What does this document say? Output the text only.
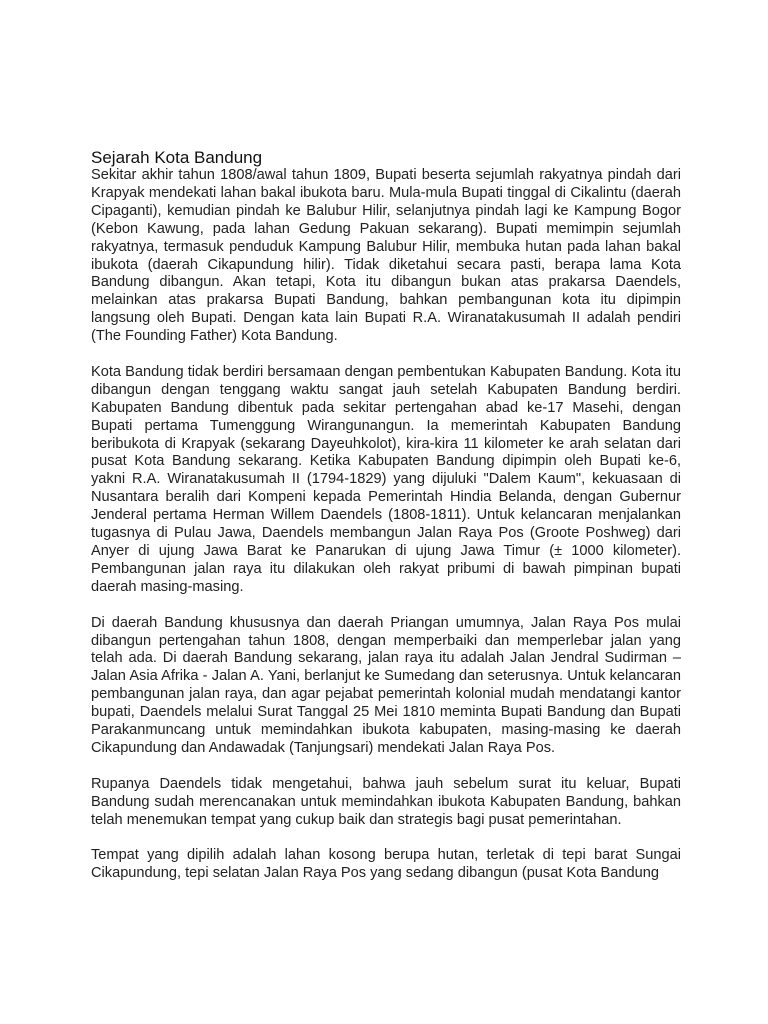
Sejarah Kota Bandung

Sekitar akhir tahun 1808/awal tahun 1809, Bupati beserta sejumlah rakyatnya pindah dari Krapyak mendekati lahan bakal ibukota baru. Mula-mula Bupati tinggal di Cikalintu (daerah Cipaganti), kemudian pindah ke Balubur Hilir, selanjutnya pindah lagi ke Kampung Bogor (Kebon Kawung, pada lahan Gedung Pakuan sekarang). Bupati memimpin sejumlah rakyatnya, termasuk penduduk Kampung Balubur Hilir, membuka hutan pada lahan bakal ibukota (daerah Cikapundung hilir). Tidak diketahui secara pasti, berapa lama Kota Bandung dibangun. Akan tetapi, Kota itu dibangun bukan atas prakarsa Daendels, melainkan atas prakarsa Bupati Bandung, bahkan pembangunan kota itu dipimpin langsung oleh Bupati. Dengan kata lain Bupati R.A. Wiranatakusumah II adalah pendiri (The Founding Father) Kota Bandung.

Kota Bandung tidak berdiri bersamaan dengan pembentukan Kabupaten Bandung. Kota itu dibangun dengan tenggang waktu sangat jauh setelah Kabupaten Bandung berdiri. Kabupaten Bandung dibentuk pada sekitar pertengahan abad ke-17 Masehi, dengan Bupati pertama Tumenggung Wirangunangun. Ia memerintah Kabupaten Bandung beribukota di Krapyak (sekarang Dayeuhkolot), kira-kira 11 kilometer ke arah selatan dari pusat Kota Bandung sekarang. Ketika Kabupaten Bandung dipimpin oleh Bupati ke-6, yakni R.A. Wiranatakusumah II (1794-1829) yang dijuluki "Dalem Kaum", kekuasaan di Nusantara beralih dari Kompeni kepada Pemerintah Hindia Belanda, dengan Gubernur Jenderal pertama Herman Willem Daendels (1808-1811). Untuk kelancaran menjalankan tugasnya di Pulau Jawa, Daendels membangun Jalan Raya Pos (Groote Poshweg) dari Anyer di ujung Jawa Barat ke Panarukan di ujung Jawa Timur (± 1000 kilometer). Pembangunan jalan raya itu dilakukan oleh rakyat pribumi di bawah pimpinan bupati daerah masing-masing.

Di daerah Bandung khususnya dan daerah Priangan umumnya, Jalan Raya Pos mulai dibangun pertengahan tahun 1808, dengan memperbaiki dan memperlebar jalan yang telah ada. Di daerah Bandung sekarang, jalan raya itu adalah Jalan Jendral Sudirman – Jalan Asia Afrika - Jalan A. Yani, berlanjut ke Sumedang dan seterusnya. Untuk kelancaran pembangunan jalan raya, dan agar pejabat pemerintah kolonial mudah mendatangi kantor bupati, Daendels melalui Surat Tanggal 25 Mei 1810 meminta Bupati Bandung dan Bupati Parakanmuncang untuk memindahkan ibukota kabupaten, masing-masing ke daerah Cikapundung dan Andawadak (Tanjungsari) mendekati Jalan Raya Pos.

Rupanya Daendels tidak mengetahui, bahwa jauh sebelum surat itu keluar, Bupati Bandung sudah merencanakan untuk memindahkan ibukota Kabupaten Bandung, bahkan telah menemukan tempat yang cukup baik dan strategis bagi pusat pemerintahan.

Tempat yang dipilih adalah lahan kosong berupa hutan, terletak di tepi barat Sungai Cikapundung, tepi selatan Jalan Raya Pos yang sedang dibangun (pusat Kota Bandung
